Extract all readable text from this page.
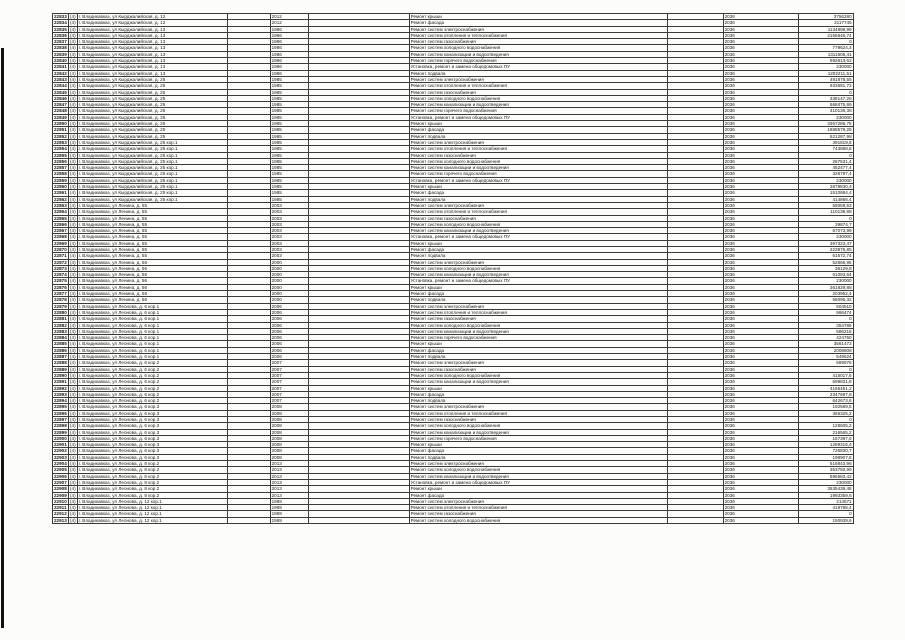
22833	(4)	г. Владикавказ, ул Кырджалийская, д. 12		2012		Ремонт крыши		2036	3756280
22834	(4)	г. Владикавказ, ул Кырджалийская, д. 12		2012		Ремонт фасада		2036	2117745
22835	(4)	г. Владикавказ, ул Кырджалийская, д. 13		1986		Ремонт систем электроснабжения		2036	1134899,99
22836	(4)	г. Владикавказ, ул Кырджалийская, д. 13		1986		Ремонт систем отопления и теплоснабжения		2036	2155646,74
22837	(4)	г. Владикавказ, ул Кырджалийская, д. 13		1986		Ремонт систем газоснабжения		2036	0
22838	(4)	г. Владикавказ, ул Кырджалийская, д. 13		1986		Ремонт систем холодного водоснабжения		2036	779624,3
22839	(4)	г. Владикавказ, ул Кырджалийская, д. 13		1986		Ремонт систем канализации и водоотведения		2036	1311606,41
22840	(4)	г. Владикавказ, ул Кырджалийская, д. 13		1986		Ремонт систем горячего водоснабжения		2036	992613,62
22841	(4)	г. Владикавказ, ул Кырджалийская, д. 13		1986		Установка, ремонт и замена общедомовых ПУ		2036	230000
22842	(4)	г. Владикавказ, ул Кырджалийская, д. 13		1986		Ремонт подвала		2036	1202211,51
22843	(4)	г. Владикавказ, ул Кырджалийская, д. 25		1985		Ремонт систем электроснабжения		2036	491878,55
22844	(4)	г. Владикавказ, ул Кырджалийская, д. 25		1985		Ремонт систем отопления и теплоснабжения		2036	933681,72
22845	(4)	г. Владикавказ, ул Кырджалийская, д. 25		1985		Ремонт систем газоснабжения		2036	0
22846	(4)	г. Владикавказ, ул Кырджалийская, д. 25		1985		Ремонт систем холодного водоснабжения		2036	338147,26
22847	(4)	г. Владикавказ, ул Кырджалийская, д. 25		1985		Ремонт систем канализации и водоотведения		2036	568475,86
22848	(4)	г. Владикавказ, ул Кырджалийская, д. 25		1985		Ремонт систем горячего водоснабжения		2036	410136,38
22849	(4)	г. Владикавказ, ул Кырджалийская, д. 25		1985		Установка, ремонт и замена общедомовых ПУ		2036	230000
22850	(4)	г. Владикавказ, ул Кырджалийская, д. 25		1985		Ремонт крыши		2036	3367286,75
22851	(4)	г. Владикавказ, ул Кырджалийская, д. 25		1985		Ремонт фасада		2036	1888579,29
22852	(4)	г. Владикавказ, ул Кырджалийская, д. 25		1985		Ремонт подвала		2036	521287,98
22853	(4)	г. Владикавказ, ул Кырджалийская, д. 25 кор.1		1985		Ремонт систем электроснабжения		2036	391819,6
22854	(4)	г. Владикавказ, ул Кырджалийская, д. 25 кор.1		1985		Ремонт систем отопления и теплоснабжения		2036	743868,8
22855	(4)	г. Владикавказ, ул Кырджалийская, д. 25 кор.1		1985		Ремонт систем газоснабжения		2036	0
22856	(4)	г. Владикавказ, ул Кырджалийская, д. 25 кор.1		1985		Ремонт систем холодного водоснабжения		2036	267531,4
22857	(4)	г. Владикавказ, ул Кырджалийская, д. 25 кор.1		1985		Ремонт систем канализации и водоотведения		2036	452477,4
22858	(4)	г. Владикавказ, ул Кырджалийская, д. 25 кор.1		1985		Ремонт систем горячего водоснабжения		2036	326797,4
22859	(4)	г. Владикавказ, ул Кырджалийская, д. 25 кор.1		1985		Установка, ремонт и замена общедомовых ПУ		2036	230000
22860	(4)	г. Владикавказ, ул Кырджалийская, д. 25 кор.1		1985		Ремонт крыши		2036	2678830,4
22861	(4)	г. Владикавказ, ул Кырджалийская, д. 25 кор.1		1985		Ремонт фасада		2036	1510684,4
22862	(4)	г. Владикавказ, ул Кырджалийская, д. 25 кор.1		1985		Ремонт подвала		2036	414866,4
22863	(4)	г. Владикавказ, ул Ленина, д. 55		2003		Ремонт систем электроснабжения		2036	58059,53
22864	(4)	г. Владикавказ, ул Ленина, д. 55		2003		Ремонт систем отопления и теплоснабжения		2036	110139,88
22865	(4)	г. Владикавказ, ул Ленина, д. 55		2003		Ремонт систем газоснабжения		2036	0
22866	(4)	г. Владикавказ, ул Ленина, д. 55		2003		Ремонт систем холодного водоснабжения		2036	39874,7
22867	(4)	г. Владикавказ, ул Ленина, д. 55		2003		Ремонт систем канализации и водоотведения		2036	67073,99
22868	(4)	г. Владикавказ, ул Ленина, д. 55		2003		Установка, ремонт и замена общедомовых ПУ		2036	230000
22869	(4)	г. Владикавказ, ул Ленина, д. 55		2003		Ремонт крыши		2036	397323,47
22870	(4)	г. Владикавказ, ул Ленина, д. 55		2003		Ремонт фасада		2036	223975,85
22871	(4)	г. Владикавказ, ул Ленина, д. 55		2003		Ремонт подвала		2036	61572,74
22872	(4)	г. Владикавказ, ул Ленина, д. 56		2000		Ремонт систем электроснабжения		2036	52866,95
22873	(4)	г. Владикавказ, ул Ленина, д. 56		2000		Ремонт систем холодного водоснабжения		2036	36129,8
22874	(4)	г. Владикавказ, ул Ленина, д. 56		2000		Ремонт систем канализации и водоотведения		2036	61093,64
22875	(4)	г. Владикавказ, ул Ленина, д. 56		2000		Установка, ремонт и замена общедомовых ПУ		2036	230000
22876	(4)	г. Владикавказ, ул Ленина, д. 56		2000		Ремонт крыши		2036	361829,88
22877	(4)	г. Владикавказ, ул Ленина, д. 56		2000		Ремонт фасада		2036	203952,4
22878	(4)	г. Владикавказ, ул Ленина, д. 56		2000		Ремонт подвала		2036	56095,32
22879	(4)	г. Владикавказ, ул Леонова, д. 6 кор.1		2006		Ремонт систем электроснабжения		2036	504510
22880	(4)	г. Владикавказ, ул Леонова, д. 6 кор.1		2006		Ремонт систем отопления и теплоснабжения		2036	966474
22881	(4)	г. Владикавказ, ул Леонова, д. 6 кор.1		2006		Ремонт систем газоснабжения		2036	0
22882	(4)	г. Владикавказ, ул Леонова, д. 6 кор.1		2006		Ремонт систем холодного водоснабжения		2036	354786
22883	(4)	г. Владикавказ, ул Леонова, д. 6 кор.1		2006		Ремонт систем канализации и водоотведения		2036	586218
22884	(4)	г. Владикавказ, ул Леонова, д. 6 кор.1		2006		Ремонт систем горячего водоснабжения		2036	424750
22885	(4)	г. Владикавказ, ул Леонова, д. 6 кор.1		2006		Ремонт крыши		2036	3561472
22886	(4)	г. Владикавказ, ул Леонова, д. 6 кор.1		2006		Ремонт фасада		2036	2008808
22887	(4)	г. Владикавказ, ул Леонова, д. 6 кор.1		2006		Ремонт подвала		2036	549524
22888	(4)	г. Владикавказ, ул Леонова, д. 6 кор.2		2007		Ремонт систем электроснабжения		2036	589976
22889	(4)	г. Владикавказ, ул Леонова, д. 6 кор.2		2007		Ремонт систем газоснабжения		2036	0
22890	(4)	г. Владикавказ, ул Леонова, д. 6 кор.2		2007		Ремонт систем холодного водоснабжения		2036	415017,6
22891	(4)	г. Владикавказ, ул Леонова, д. 6 кор.2		2007		Ремонт систем канализации и водоотведения		2036	699831,8
22892	(4)	г. Владикавказ, ул Леонова, д. 6 кор.2		2007		Ремонт крыши		2036	4165451,2
22893	(4)	г. Владикавказ, ул Леонова, д. 6 кор.2		2007		Ремонт фасада		2036	2347697,6
22894	(4)	г. Владикавказ, ул Леонова, д. 6 кор.2		2007		Ремонт подвала		2036	642673,6
22895	(4)	г. Владикавказ, ул Леонова, д. 6 кор.3		2008		Ремонт систем электроснабжения		2036	192589,5
22896	(4)	г. Владикавказ, ул Леонова, д. 6 кор.3		2008		Ремонт систем отопления и теплоснабжения		2036	366325,2
22897	(4)	г. Владикавказ, ул Леонова, д. 6 кор.3		2008		Ремонт систем газоснабжения		2036	0
22898	(4)	г. Владикавказ, ул Леонова, д. 6 кор.3		2008		Ремонт систем холодного водоснабжения		2036	128605,2
22899	(4)	г. Владикавказ, ул Леонова, д. 6 кор.3		2008		Ремонт систем канализации и водоотведения		2036	216565,2
22900	(4)	г. Владикавказ, ул Леонова, д. 6 кор.3		2008		Ремонт систем горячего водоснабжения		2036	157397,6
22901	(4)	г. Владикавказ, ул Леонова, д. 6 кор.3		2008		Ремонт крыши		2036	1289316,4
22902	(4)	г. Владикавказ, ул Леонова, д. 6 кор.3		2008		Ремонт фасада		2036	726830,7
22903	(4)	г. Владикавказ, ул Леонова, д. 6 кор.3		2008		Ремонт подвала		2036	198907,8
22904	(4)	г. Владикавказ, ул Леонова, д. 8 кор.2		2013		Ремонт систем электроснабжения		2036	516843,96
22905	(4)	г. Владикавказ, ул Леонова, д. 8 кор.2		2013		Ремонт систем холодного водоснабжения		2036	353750,96
22906	(4)	г. Владикавказ, ул Леонова, д. 8 кор.2		2013		Ремонт систем канализации и водоотведения		2036	596583,42
22907	(4)	г. Владикавказ, ул Леонова, д. 8 кор.2		2013		Установка, ремонт и замена общедомовых ПУ		2036	230000
22908	(4)	г. Владикавказ, ул Леонова, д. 8 кор.2		2013		Ремонт крыши		2036	3535439,48
22909	(4)	г. Владикавказ, ул Леонова, д. 8 кор.2		2013		Ремонт фасада		2036	1993359,6
22910	(4)	г. Владикавказ, ул Леонова, д. 12 кор.1		1989		Ремонт систем электроснабжения		2036	214571
22911	(4)	г. Владикавказ, ул Леонова, д. 12 кор.1		1989		Ремонт систем отопления и теплоснабжения		2036	418785,4
22912	(4)	г. Владикавказ, ул Леонова, д. 12 кор.1		1989		Ремонт систем газоснабжения		2036	0
22913	(4)	г. Владикавказ, ул Леонова, д. 12 кор.1		1989		Ремонт систем холодного водоснабжения		2036	150939,6
